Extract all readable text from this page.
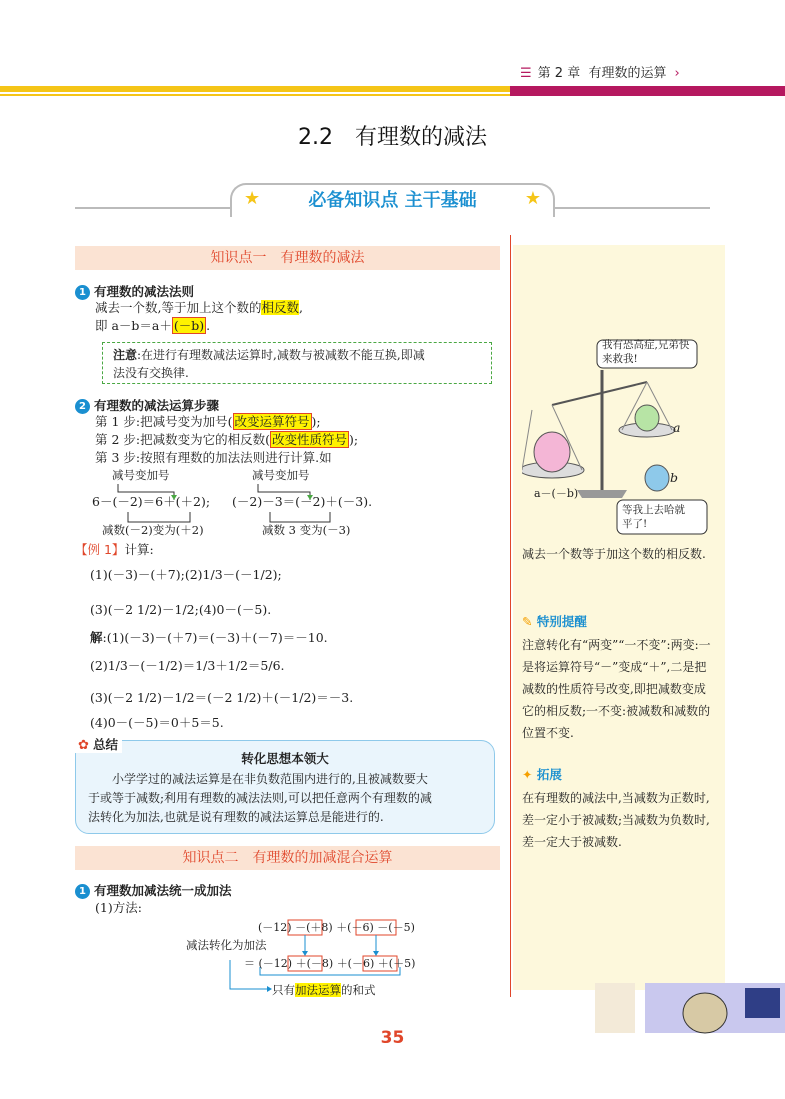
☰ 第 2 章 有理数的运算 ›
2.2　有理数的减法
★	必备知识点 主干基础	★
知识点一　有理数的减法
1 有理数的减法法则
减去一个数,等于加上这个数的相反数,
即 a－b＝a＋ (－b) .
注意:在进行有理数减法运算时,减数与被减数不能互换,即减
法没有交换律.
2 有理数的减法运算步骤
第 1 步:把减号变为加号( 改变运算符号 );
第 2 步:把减数变为它的相反数( 改变性质符号 );
第 3 步:按照有理数的加法法则进行计算.如
减号变加号	减号变加号
6－(－2)＝6＋(＋2); (－2)－3＝(－2)＋(－3).
减数(－2)变为(＋2)	减数 3 变为(－3)
【例 1】计算:
(1)(－3)－(＋7);(2)1/3－(－1/2);
(3)(－2 1/2)－1/2;(4)0－(－5).
解:(1)(－3)－(＋7)＝(－3)＋(－7)＝－10.
(2)1/3－(－1/2)＝1/3＋1/2＝5/6.
(3)(－2 1/2)－1/2＝(－2 1/2)＋(－1/2)＝－3.
(4)0－(－5)＝0＋5＝5.
转化思想本领大
　　小学学过的减法运算是在非负数范围内进行的,且被减数要大
于或等于减数;利用有理数的减法法则,可以把任意两个有理数的减
法转化为加法,也就是说有理数的减法运算总是能进行的.
✿ 总结
知识点二　有理数的加减混合运算
1 有理数加减法统一成加法
(1)方法:
(－12) －(＋8) ＋(－6) －(－5)
减法转化为加法
＝ (－12) ＋(－8) ＋(－6) ＋(＋5)
只有加法运算的和式
我有恐高症,兄弟快来救我!
等我上去哈就平了!
a
b
a－(－b)
减去一个数等于加这个数的相反数.
✎ 特别提醒
注意转化有“两变”“一不变”:两变:一是将运算符号“－”变成“＋”,二是把减数的性质符号改变,即把减数变成它的相反数;一不变:被减数和减数的位置不变.
✦ 拓展
在有理数的减法中,当减数为正数时,差一定小于被减数;当减数为负数时,差一定大于被减数.
35
